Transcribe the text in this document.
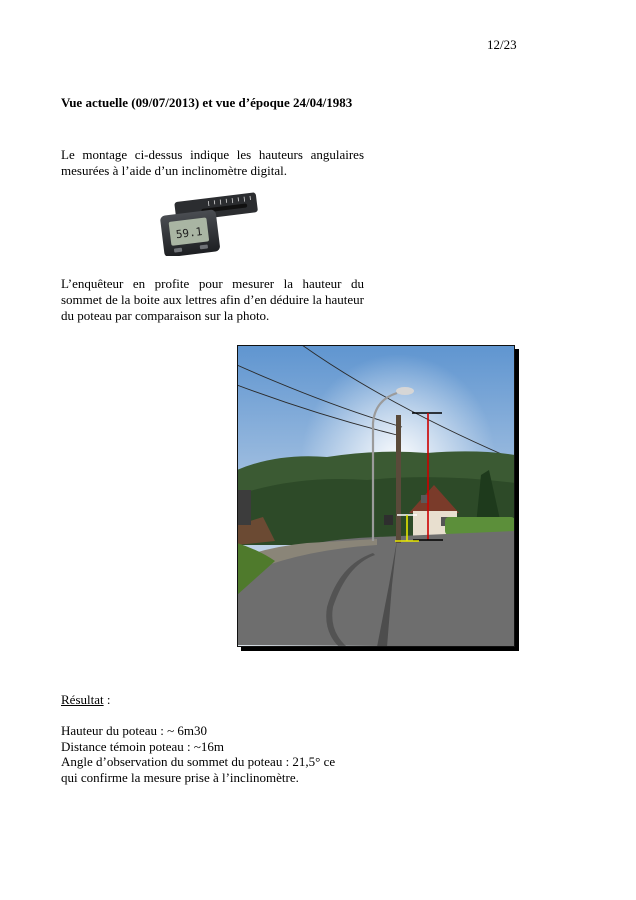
12/23
Vue actuelle (09/07/2013) et vue d’époque 24/04/1983
Le montage ci-dessus indique les hauteurs angulaires mesurées à l’aide d’un inclinomètre digital.
59.1
L’enquêteur en profite pour mesurer la hauteur du sommet de la boite aux lettres afin d’en déduire la hauteur du poteau par comparaison sur la photo.
Résultat :
Hauteur du poteau : ~ 6m30
Distance témoin poteau : ~16m
Angle d’observation du sommet du poteau : 21,5° ce
qui confirme la mesure prise à l’inclinomètre.
